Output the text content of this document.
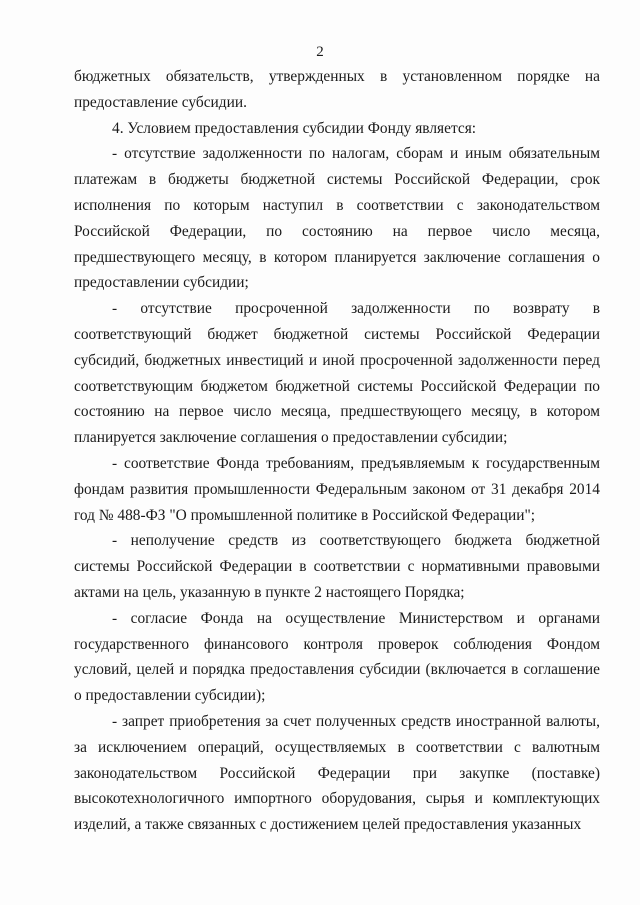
2

бюджетных обязательств, утвержденных в установленном порядке на предоставление субсидии.

4. Условием предоставления субсидии Фонду является:

- отсутствие задолженности по налогам, сборам и иным обязательным платежам в бюджеты бюджетной системы Российской Федерации, срок исполнения по которым наступил в соответствии с законодательством Российской Федерации, по состоянию на первое число месяца, предшествующего месяцу, в котором планируется заключение соглашения о предоставлении субсидии;

- отсутствие просроченной задолженности по возврату в соответствующий бюджет бюджетной системы Российской Федерации субсидий, бюджетных инвестиций и иной просроченной задолженности перед соответствующим бюджетом бюджетной системы Российской Федерации по состоянию на первое число месяца, предшествующего месяцу, в котором планируется заключение соглашения о предоставлении субсидии;

- соответствие Фонда требованиям, предъявляемым к государственным фондам развития промышленности Федеральным законом от 31 декабря 2014 год № 488-ФЗ "О промышленной политике в Российской Федерации";

- неполучение средств из соответствующего бюджета бюджетной системы Российской Федерации в соответствии с нормативными правовыми актами на цель, указанную в пункте 2 настоящего Порядка;

- согласие Фонда на осуществление Министерством и органами государственного финансового контроля проверок соблюдения Фондом условий, целей и порядка предоставления субсидии (включается в соглашение о предоставлении субсидии);

- запрет приобретения за счет полученных средств иностранной валюты, за исключением операций, осуществляемых в соответствии с валютным законодательством Российской Федерации при закупке (поставке) высокотехнологичного импортного оборудования, сырья и комплектующих изделий, а также связанных с достижением целей предоставления указанных
